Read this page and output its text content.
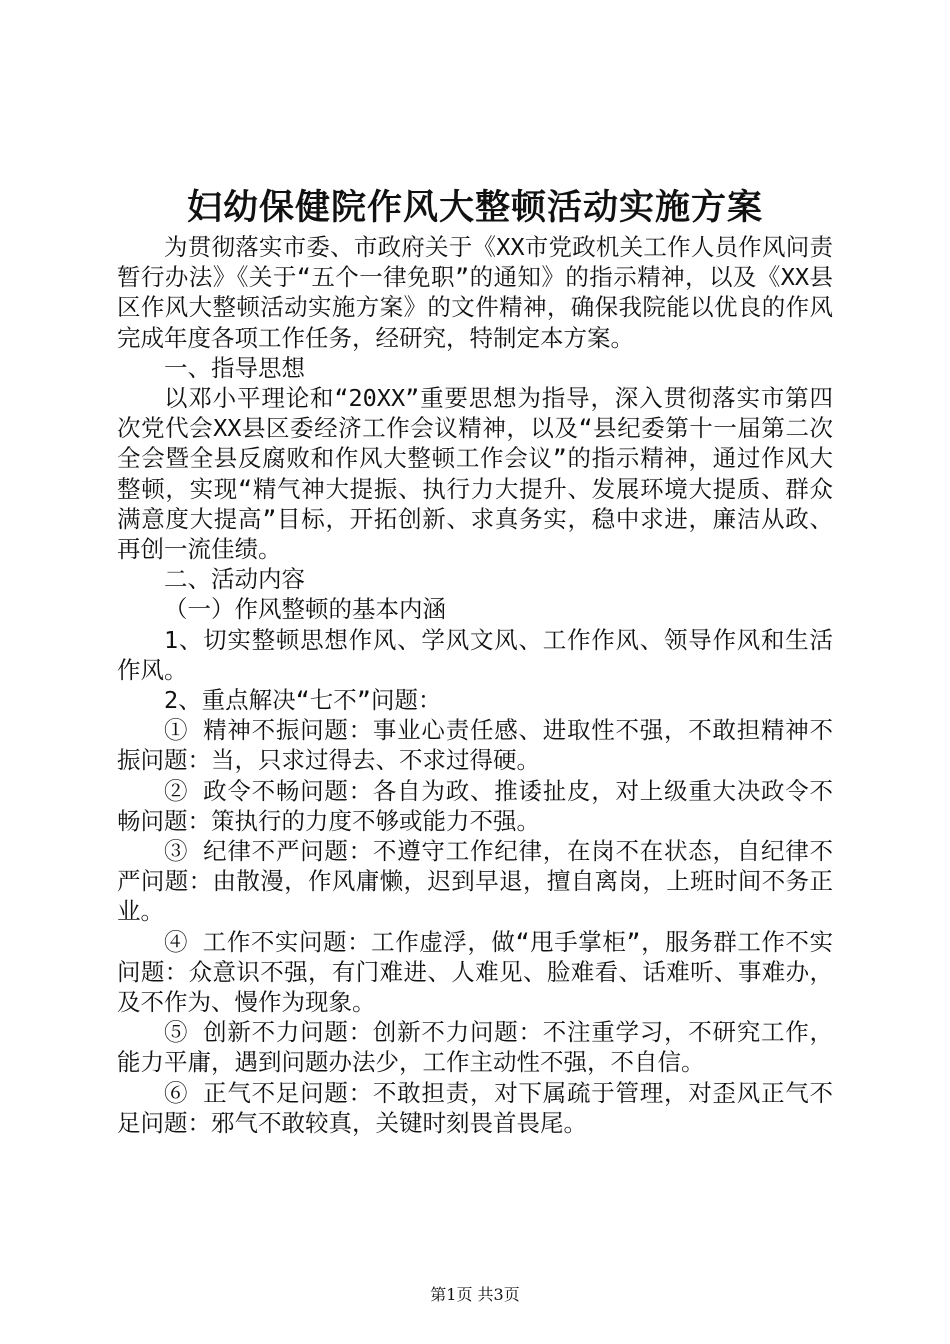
妇幼保健院作风大整顿活动实施方案

为贯彻落实市委、市政府关于《XX市党政机关工作人员作风问责暂行办法》《关于“五个一律免职”的通知》的指示精神，以及《XX县区作风大整顿活动实施方案》的文件精神，确保我院能以优良的作风完成年度各项工作任务，经研究，特制定本方案。

一、指导思想

以邓小平理论和“20XX”重要思想为指导，深入贯彻落实市第四次党代会XX县区委经济工作会议精神，以及“县纪委第十一届第二次全会暨全县反腐败和作风大整顿工作会议”的指示精神，通过作风大整顿，实现“精气神大提振、执行力大提升、发展环境大提质、群众满意度大提高”目标，开拓创新、求真务实，稳中求进，廉洁从政、再创一流佳绩。

二、活动内容

（一）作风整顿的基本内涵

1、切实整顿思想作风、学风文风、工作作风、领导作风和生活作风。

2、重点解决“七不”问题：

① 精神不振问题：事业心责任感、进取性不强，不敢担精神不振问题：当，只求过得去、不求过得硬。

② 政令不畅问题：各自为政、推诿扯皮，对上级重大决政令不畅问题：策执行的力度不够或能力不强。

③ 纪律不严问题：不遵守工作纪律，在岗不在状态，自纪律不严问题：由散漫，作风庸懒，迟到早退，擅自离岗，上班时间不务正业。

④ 工作不实问题：工作虚浮，做“甩手掌柜”，服务群工作不实问题：众意识不强，有门难进、人难见、脸难看、话难听、事难办，及不作为、慢作为现象。

⑤ 创新不力问题：创新不力问题：不注重学习，不研究工作，能力平庸，遇到问题办法少，工作主动性不强，不自信。

⑥ 正气不足问题：不敢担责，对下属疏于管理，对歪风正气不足问题：邪气不敢较真，关键时刻畏首畏尾。

第1页 共3页
